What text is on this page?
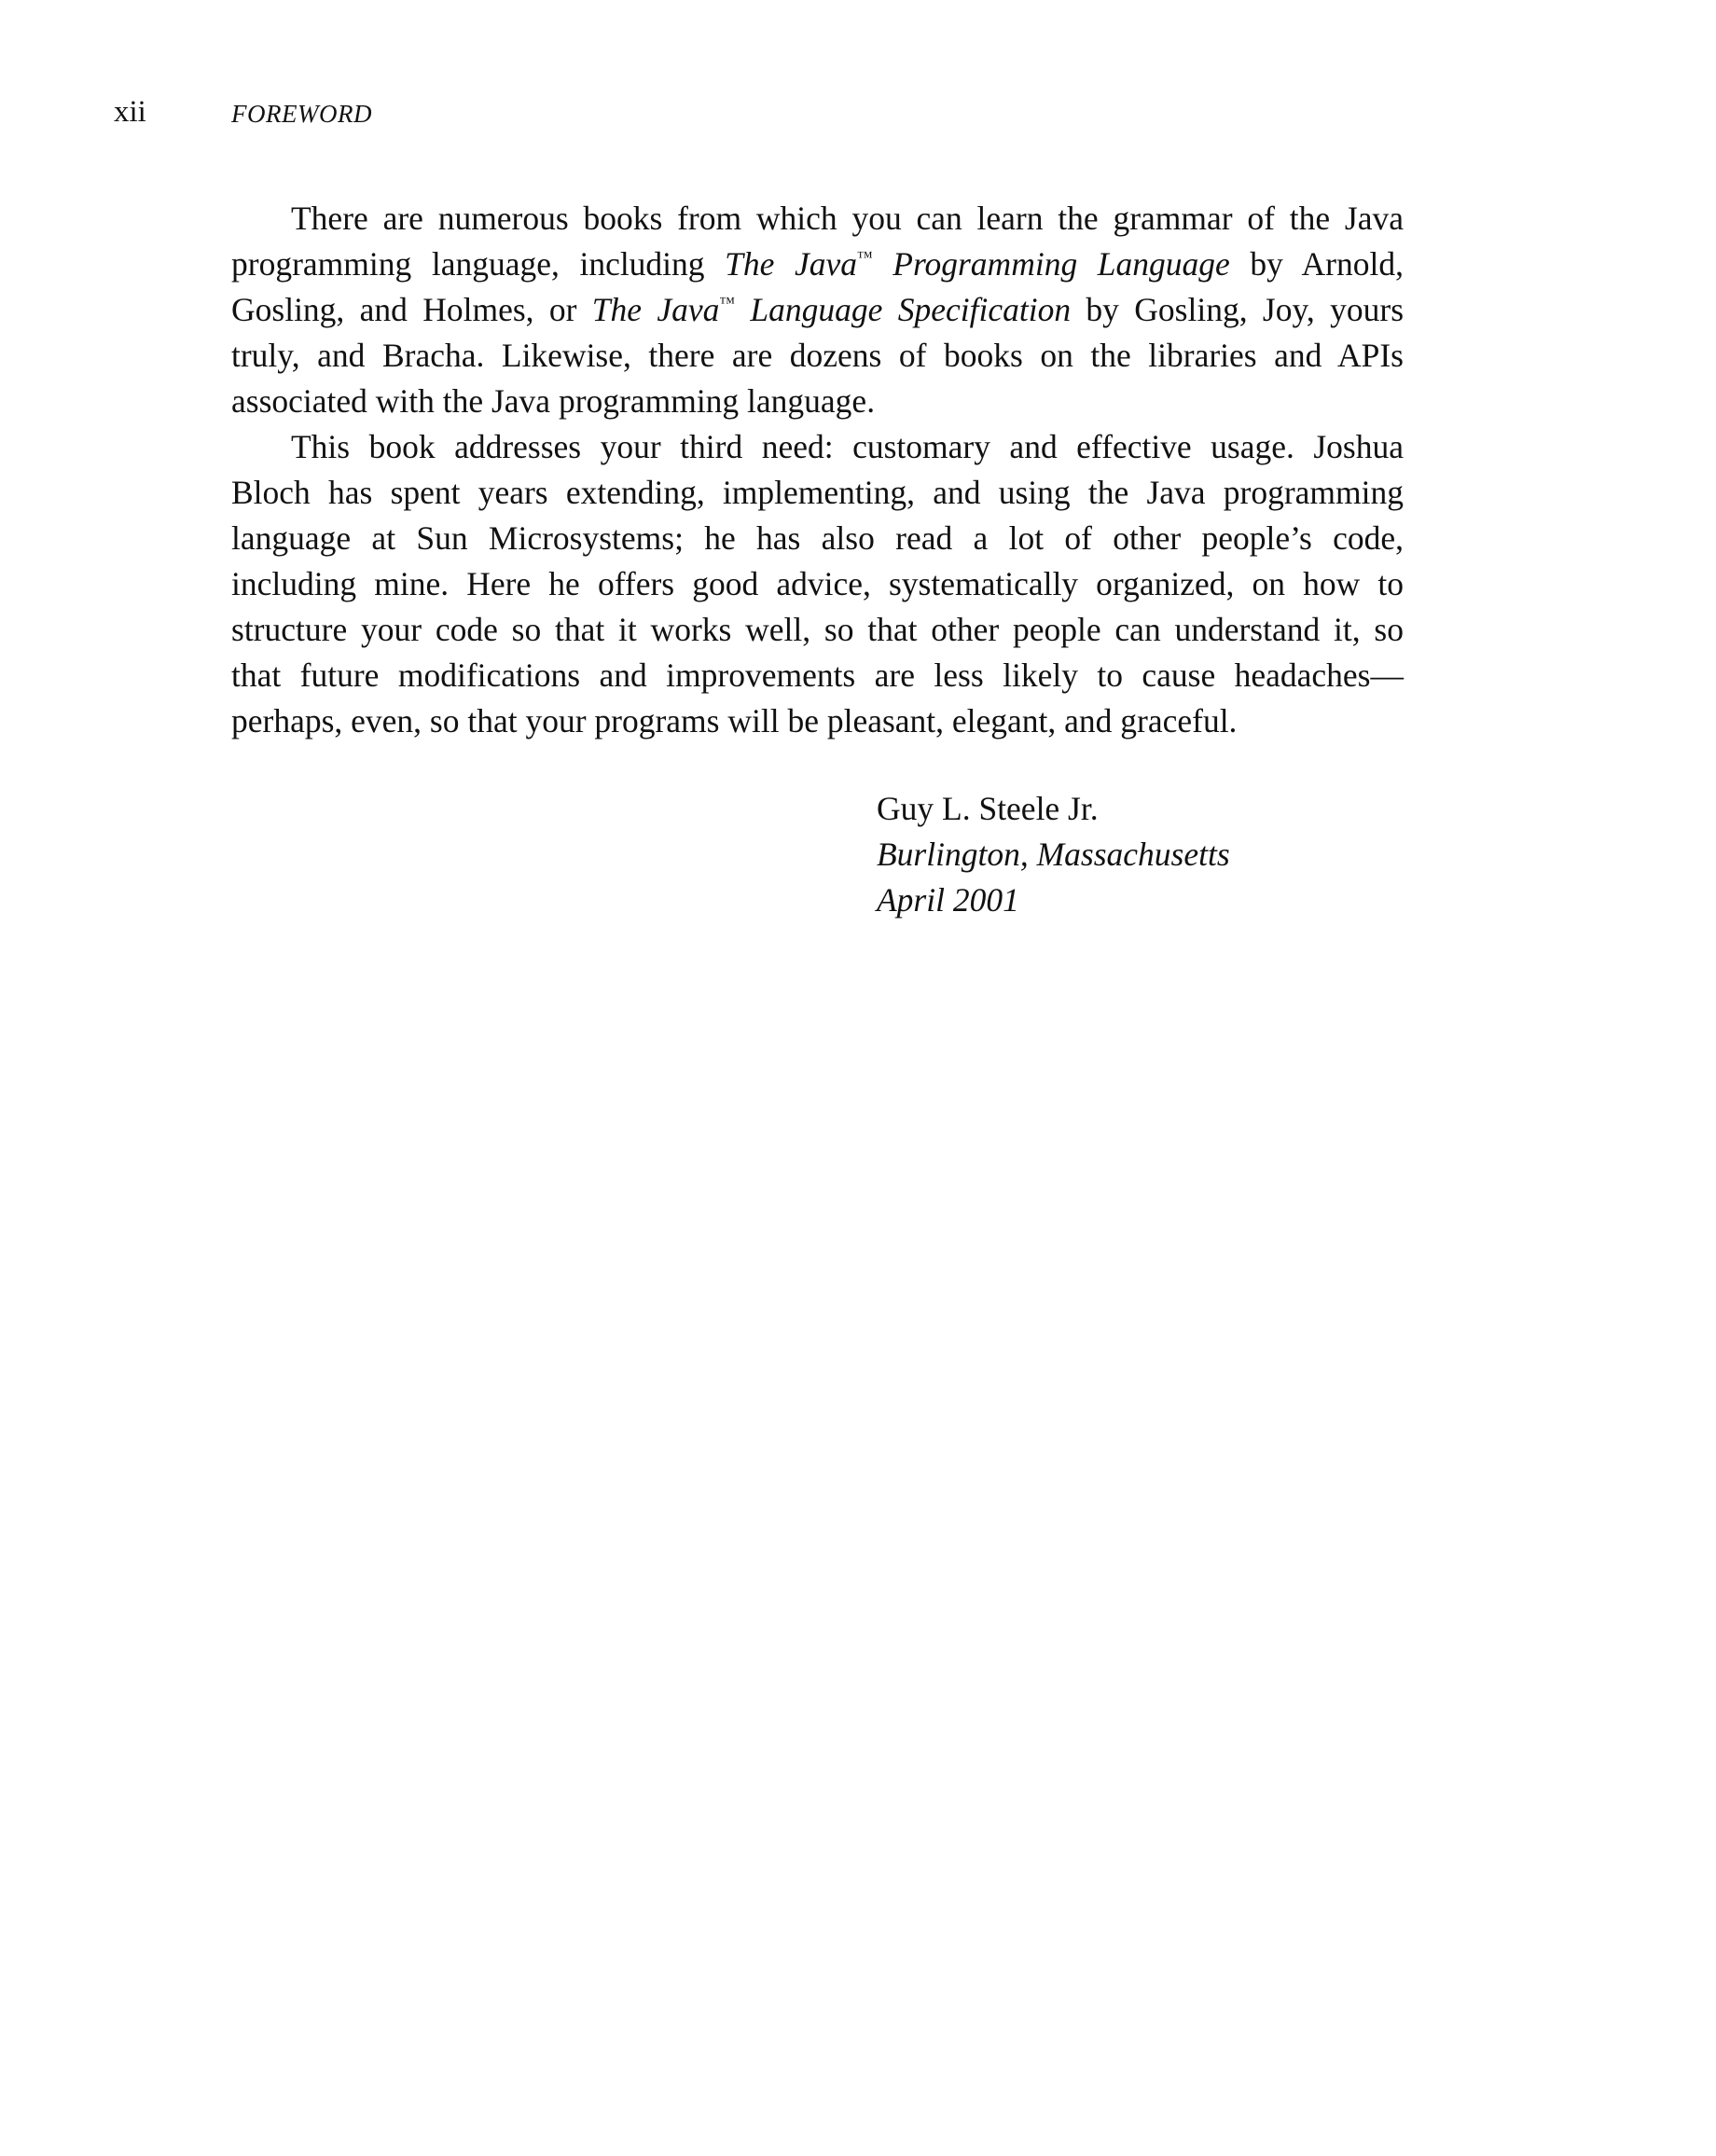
xii	FOREWORD

There are numerous books from which you can learn the grammar of the Java
programming language, including The Java™ Programming Language by Arnold,
Gosling, and Holmes, or The Java™ Language Specification by Gosling, Joy, yours
truly, and Bracha. Likewise, there are dozens of books on the libraries and APIs
associated with the Java programming language.

This book addresses your third need: customary and effective usage. Joshua
Bloch has spent years extending, implementing, and using the Java programming
language at Sun Microsystems; he has also read a lot of other people’s code,
including mine. Here he offers good advice, systematically organized, on how to
structure your code so that it works well, so that other people can understand it, so
that future modifications and improvements are less likely to cause headaches—
perhaps, even, so that your programs will be pleasant, elegant, and graceful.

Guy L. Steele Jr.
Burlington, Massachusetts
April 2001
